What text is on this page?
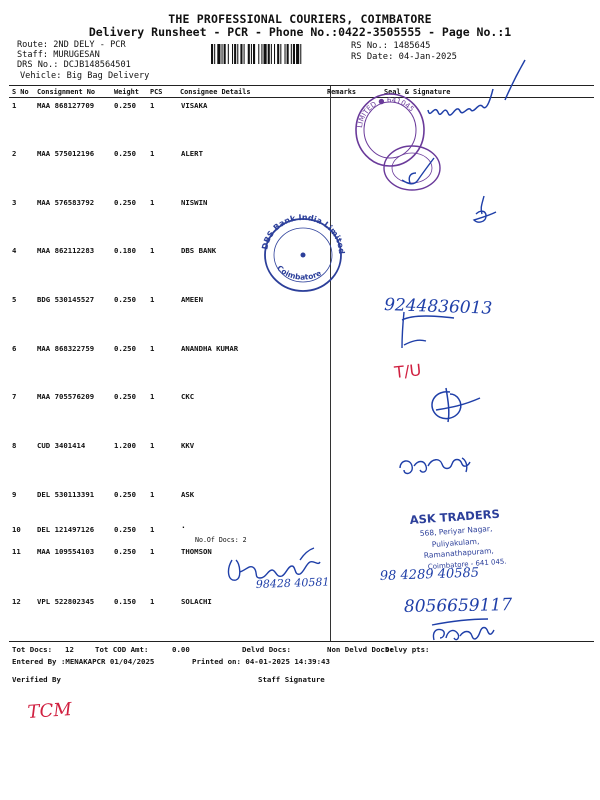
THE PROFESSIONAL COURIERS, COIMBATORE
Delivery Runsheet - PCR - Phone No.:0422-3505555 - Page No.:1
Route: 2ND DELY - PCR
Staff: MURUGESAN
DRS No.: DCJB148564501
Vehicle: Big Bag Delivery
RS No.: 1485645
RS Date: 04-Jan-2025
S No Consignment No	Weight PCS	Consignee Details	Remarks	Seal & Signature
1	MAA 868127709	0.250 1	VISAKA
2	MAA 575012196	0.250 1	ALERT
3	MAA 576583792	0.250 1	NISWIN
4	MAA 862112283	0.180 1	DBS BANK
5	BDG 530145527	0.250 1	AMEEN
6	MAA 868322759	0.250 1	ANANDHA KUMAR
7	MAA 705576209	0.250 1	CKC
8	CUD 3401414	1.200 1	KKV
9	DEL 530113391	0.250 1	ASK
10 DEL 121497126	0.250 1
11 MAA 109554103	0.250 1	THOMSON
12 VPL 522802345	0.150 1	SOLACHI
.
No.Of Docs: 2
Tot Docs: 12	Tot COD Amt:	0.00	Delvd Docs:	Non Delvd Docs:
Delvy pts:
Entered By :MENAKAPCR 01/04/2025	Printed on: 04-01-2025 14:39:43
Verified By	Staff Signature
LIMITED ● 641045
DBS Bank India Limited
Coimbatore
9244836013
T/U
ASK TRADERS
568, Periyar Nagar,
Puliyakulam,
Ramanathapuram,
Coimbatore - 641 045.
98 4289 40585
98428 40581
8056659117
TCM
